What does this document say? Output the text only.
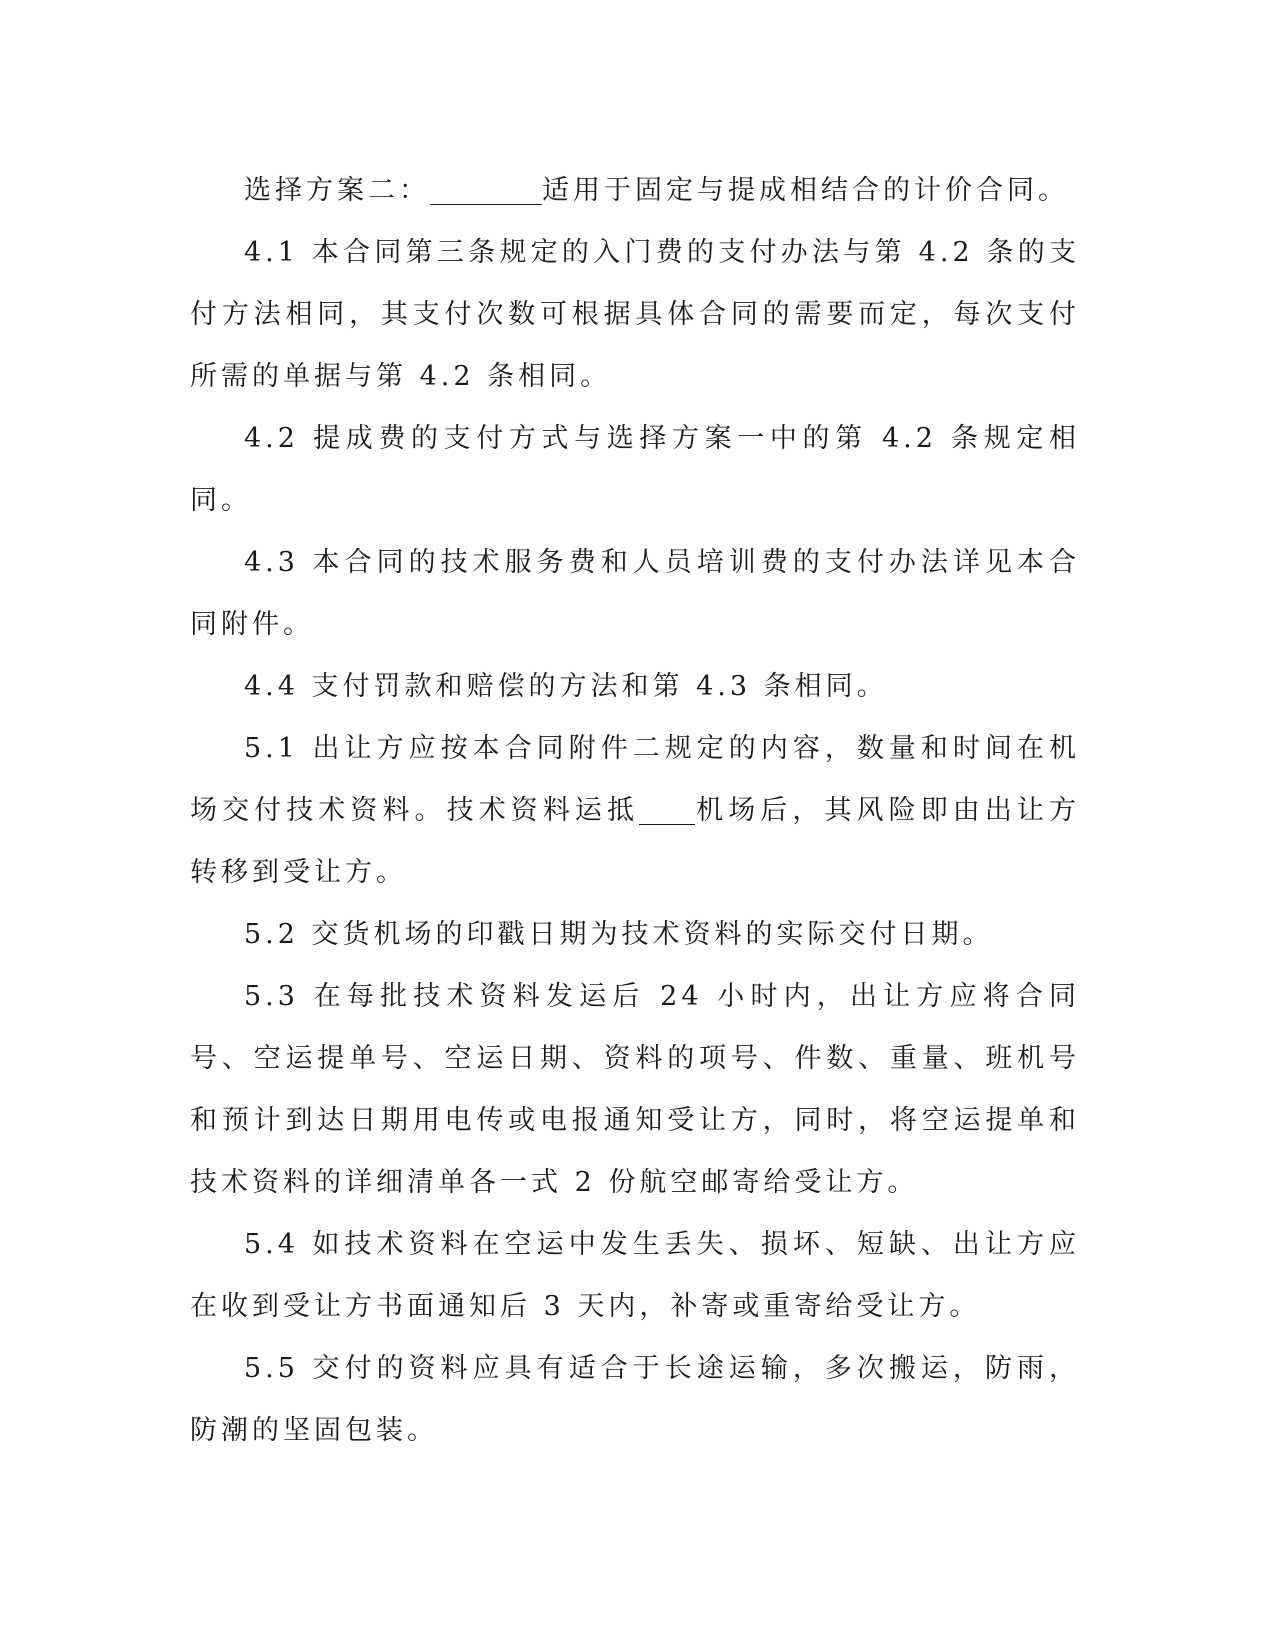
选择方案二：	适用于固定与提成相结合的计价合同。

4.1 本合同第三条规定的入门费的支付办法与第 4.2 条的支付方法相同，其支付次数可根据具体合同的需要而定，每次支付所需的单据与第 4.2 条相同。

4.2 提成费的支付方式与选择方案一中的第 4.2 条规定相同。

4.3 本合同的技术服务费和人员培训费的支付办法详见本合同附件。

4.4 支付罚款和赔偿的方法和第 4.3 条相同。

5.1 出让方应按本合同附件二规定的内容，数量和时间在机场交付技术资料。技术资料运抵 机场后，其风险即由出让方转移到受让方。

5.2 交货机场的印戳日期为技术资料的实际交付日期。

5.3 在每批技术资料发运后 24 小时内，出让方应将合同号、空运提单号、空运日期、资料的项号、件数、重量、班机号和预计到达日期用电传或电报通知受让方，同时，将空运提单和技术资料的详细清单各一式 2 份航空邮寄给受让方。

5.4 如技术资料在空运中发生丢失、损坏、短缺、出让方应在收到受让方书面通知后 3 天内，补寄或重寄给受让方。

5.5 交付的资料应具有适合于长途运输，多次搬运，防雨，防潮的坚固包装。
